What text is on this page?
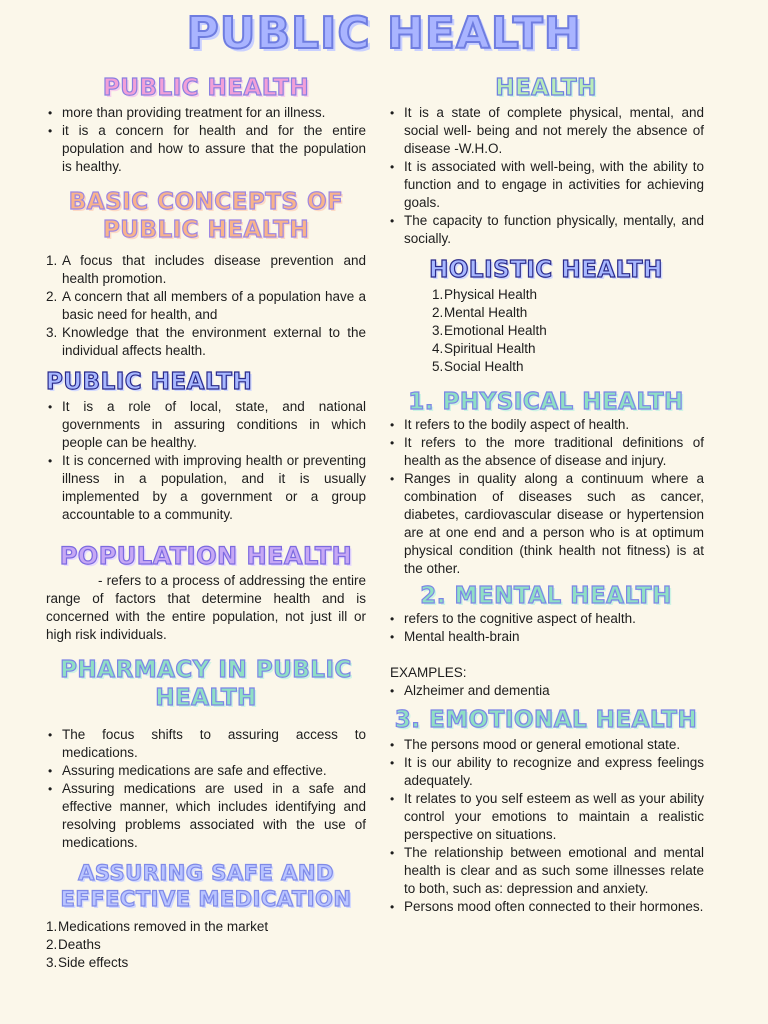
PUBLIC HEALTH
PUBLIC HEALTH
• more than providing treatment for an illness.
• it is a concern for health and for the entire population and how to assure that the population is healthy.
BASIC CONCEPTS OF PUBLIC HEALTH
1. A focus that includes disease prevention and health promotion.
2. A concern that all members of a population have a basic need for health, and
3. Knowledge that the environment external to the individual affects health.
PUBLIC HEALTH
• It is a role of local, state, and national governments in assuring conditions in which people can be healthy.
• It is concerned with improving health or preventing illness in a population, and it is usually implemented by a government or a group accountable to a community.
POPULATION HEALTH

- refers to a process of addressing the entire range of factors that determine health and is concerned with the entire population, not just ill or high risk individuals.

PHARMACY IN PUBLIC HEALTH
• The focus shifts to assuring access to medications.
• Assuring medications are safe and effective.
• Assuring medications are used in a safe and effective manner, which includes identifying and resolving problems associated with the use of medications.
ASSURING SAFE AND EFFECTIVE MEDICATION
1. Medications removed in the market
2. Deaths
3. Side effects
HEALTH
• It is a state of complete physical, mental, and social well- being and not merely the absence of disease -W.H.O.
• It is associated with well-being, with the ability to function and to engage in activities for achieving goals.
• The capacity to function physically, mentally, and socially.
HOLISTIC HEALTH
1. Physical Health
2. Mental Health
3. Emotional Health
4. Spiritual Health
5. Social Health
1. PHYSICAL HEALTH
• It refers to the bodily aspect of health.
• It refers to the more traditional definitions of health as the absence of disease and injury.
• Ranges in quality along a continuum where a combination of diseases such as cancer, diabetes, cardiovascular disease or hypertension are at one end and a person who is at optimum physical condition (think health not fitness) is at the other.
2. MENTAL HEALTH
• refers to the cognitive aspect of health.
• Mental health-brain

EXAMPLES:

• Alzheimer and dementia
3. EMOTIONAL HEALTH
• The persons mood or general emotional state.
• It is our ability to recognize and express feelings adequately.
• It relates to you self esteem as well as your ability control your emotions to maintain a realistic perspective on situations.
• The relationship between emotional and mental health is clear and as such some illnesses relate to both, such as: depression and anxiety.
• Persons mood often connected to their hormones.
